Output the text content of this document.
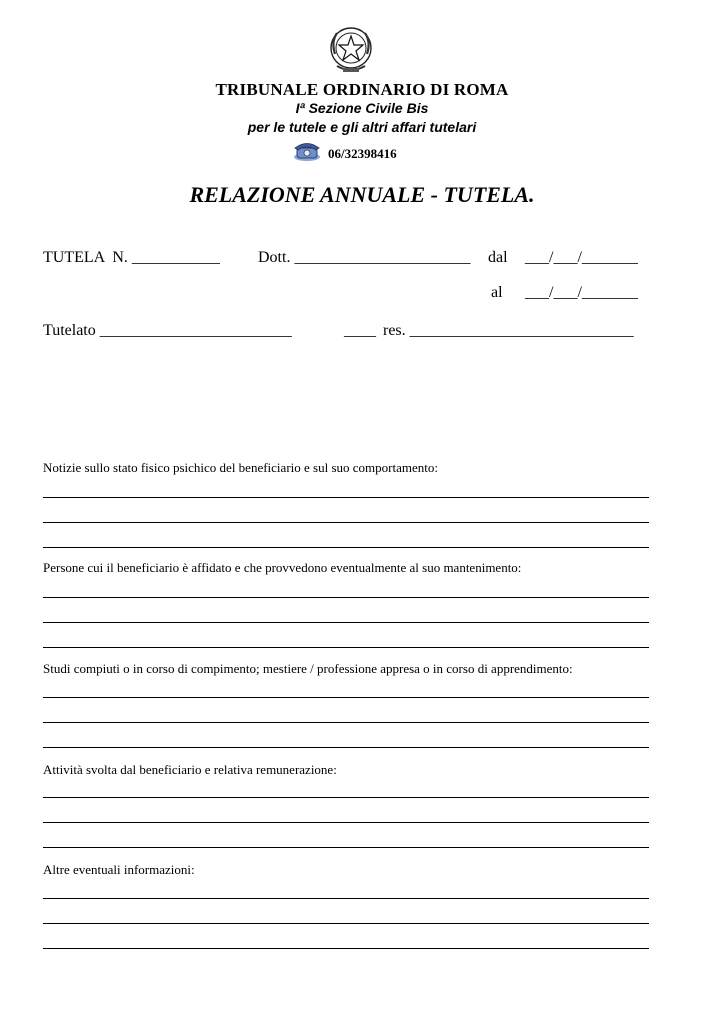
TRIBUNALE ORDINARIO DI ROMA
Iª Sezione Civile Bis
per le tutele e gli altri affari tutelari
06/32398416
RELAZIONE ANNUALE - TUTELA.
TUTELA  N. ___________ Dott. ______________________ dal ___/___/_______
al ___/___/_______
Tutelato ________________________	____ res. ____________________________
Notizie sullo stato fisico psichico del beneficiario e sul suo comportamento:
Persone cui il beneficiario è affidato e che provvedono eventualmente al suo mantenimento:
Studi compiuti o in corso di compimento; mestiere / professione appresa o in corso di apprendimento:
Attività svolta dal beneficiario e relativa remunerazione:
Altre eventuali informazioni:
